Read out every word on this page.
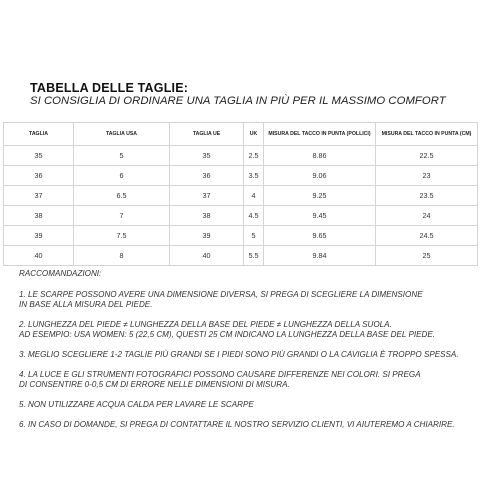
TABELLA DELLE TAGLIE:
SI CONSIGLIA DI ORDINARE UNA TAGLIA IN PIÙ PER IL MASSIMO COMFORT
TAGLIA	TAGLIA USA	TAGLIA UE	UK	MISURA DEL TACCO IN PUNTA (POLLICI)	MISURA DEL TACCO IN PUNTA (CM)
35	5	35	2.5	8.86	22.5
36	6	36	3.5	9.06	23
37	6.5	37	4	9.25	23.5
38	7	38	4.5	9.45	24
39	7.5	39	5	9.65	24.5
40	8	40	5.5	9.84	25

RACCOMANDAZIONI:

1. LE SCARPE POSSONO AVERE UNA DIMENSIONE DIVERSA, SI PREGA DI SCEGLIERE LA DIMENSIONE

IN BASE ALLA MISURA DEL PIEDE.

2. LUNGHEZZA DEL PIEDE ≠ LUNGHEZZA DELLA BASE DEL PIEDE ≠ LUNGHEZZA DELLA SUOLA.

AD ESEMPIO: USA WOMEN: 5 (22,5 CM), QUESTI 25 CM INDICANO LA LUNGHEZZA DELLA BASE DEL PIEDE.

3. MEGLIO SCEGLIERE 1-2 TAGLIE PIÙ GRANDI SE I PIEDI SONO PIÙ GRANDI O LA CAVIGLIA È TROPPO SPESSA.

4. LA LUCE E GLI STRUMENTI FOTOGRAFICI POSSONO CAUSARE DIFFERENZE NEI COLORI. SI PREGA

DI CONSENTIRE 0-0,5 CM DI ERRORE NELLE DIMENSIONI DI MISURA.

5. NON UTILIZZARE ACQUA CALDA PER LAVARE LE SCARPE

6. IN CASO DI DOMANDE, SI PREGA DI CONTATTARE IL NOSTRO SERVIZIO CLIENTI, VI AIUTEREMO A CHIARIRE.
